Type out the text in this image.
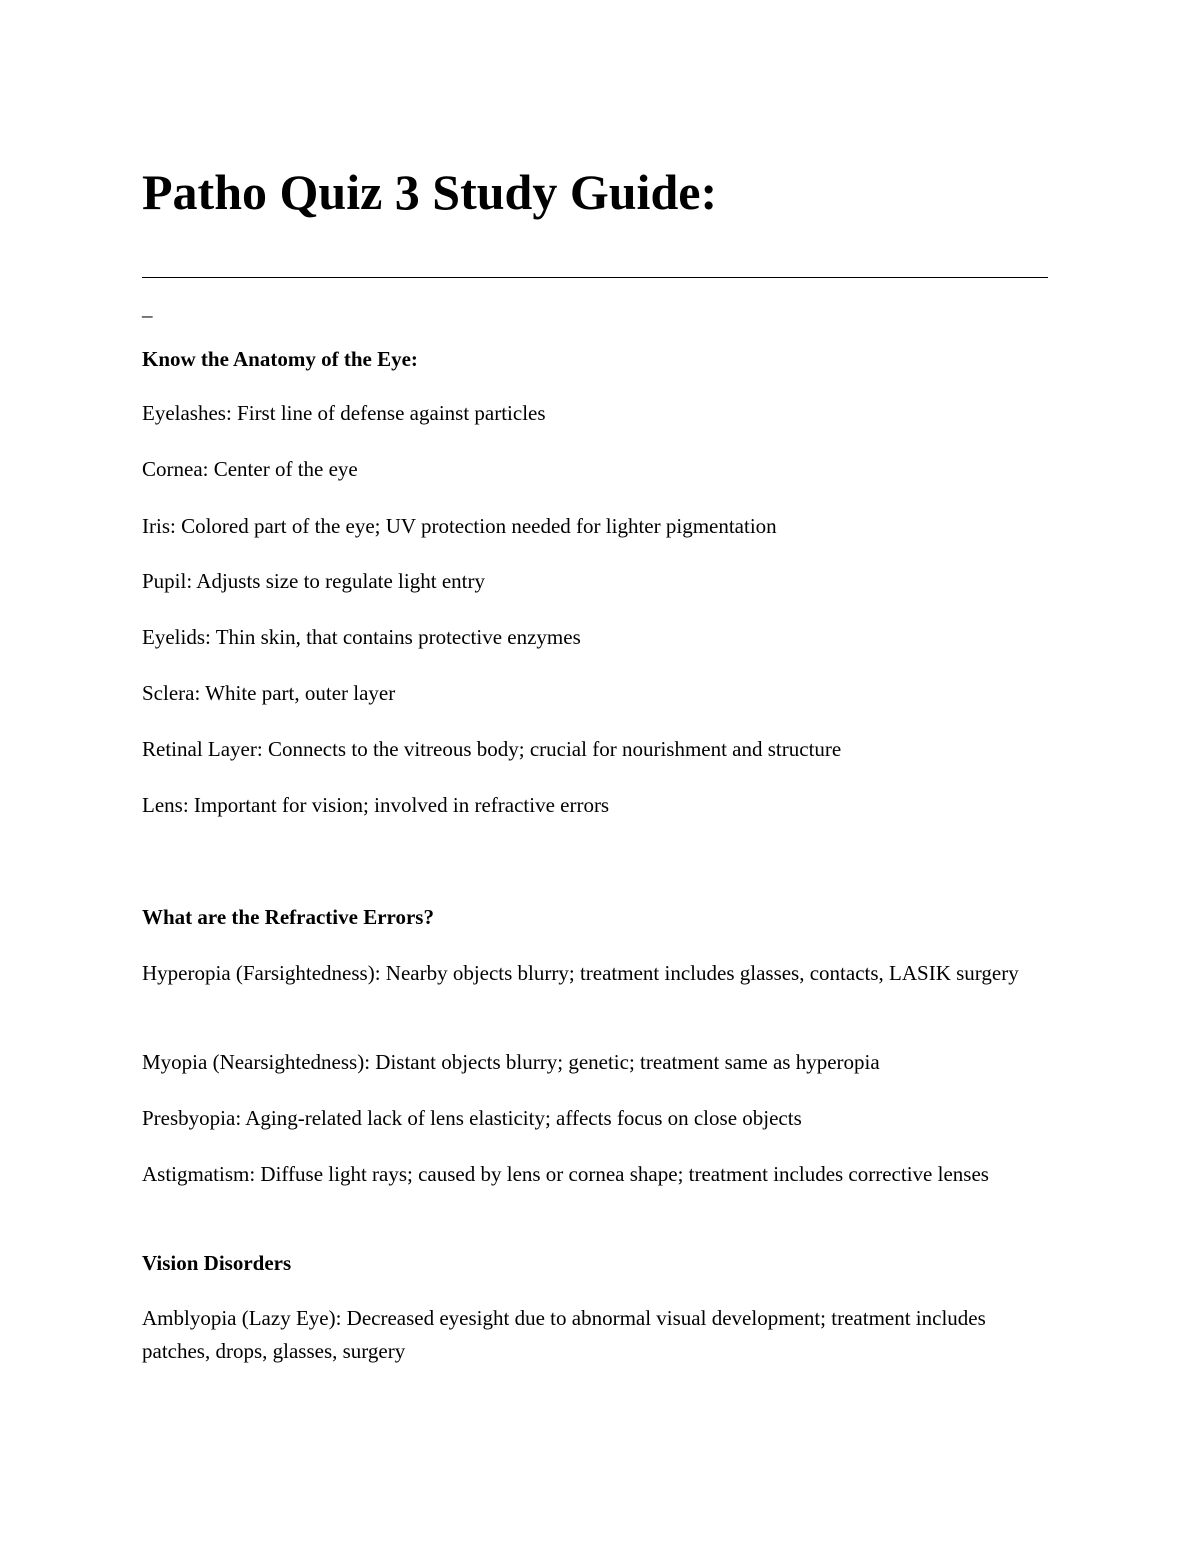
Patho Quiz 3 Study Guide:
_

Know the Anatomy of the Eye:

Eyelashes: First line of defense against particles

Cornea: Center of the eye

Iris: Colored part of the eye; UV protection needed for lighter pigmentation

Pupil: Adjusts size to regulate light entry

Eyelids: Thin skin, that contains protective enzymes

Sclera: White part, outer layer

Retinal Layer: Connects to the vitreous body; crucial for nourishment and structure

Lens: Important for vision; involved in refractive errors

What are the Refractive Errors?

Hyperopia (Farsightedness): Nearby objects blurry; treatment includes glasses, contacts, LASIK surgery

Myopia (Nearsightedness): Distant objects blurry; genetic; treatment same as hyperopia

Presbyopia: Aging-related lack of lens elasticity; affects focus on close objects

Astigmatism: Diffuse light rays; caused by lens or cornea shape; treatment includes corrective lenses

Vision Disorders

Amblyopia (Lazy Eye): Decreased eyesight due to abnormal visual development; treatment includes patches, drops, glasses, surgery
